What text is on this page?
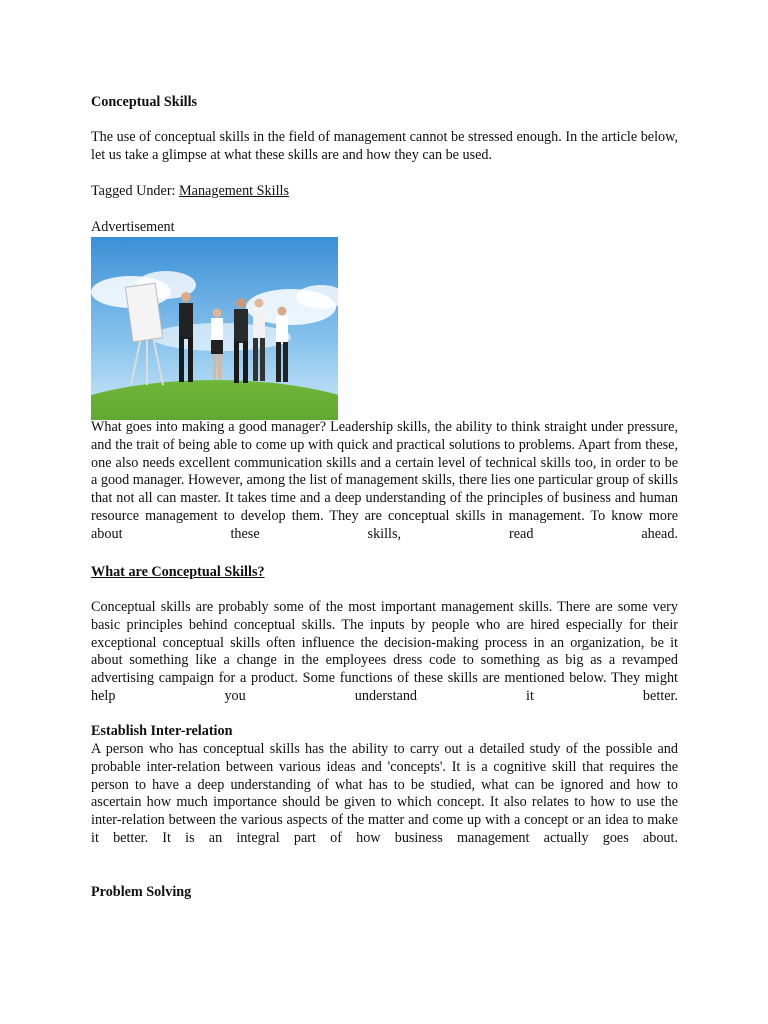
Conceptual Skills

The use of conceptual skills in the field of management cannot be stressed enough. In the article below, let us take a glimpse at what these skills are and how they can be used.

Tagged Under: Management Skills
Advertisement

What goes into making a good manager? Leadership skills, the ability to think straight under pressure, and the trait of being able to come up with quick and practical solutions to problems. Apart from these, one also needs excellent communication skills and a certain level of technical skills too, in order to be a good manager. However, among the list of management skills, there lies one particular group of skills that not all can master. It takes time and a deep understanding of the principles of business and human resource management to develop them. They are conceptual skills in management. To know more about these skills, read ahead.

What are Conceptual Skills?

Conceptual skills are probably some of the most important management skills. There are some very basic principles behind conceptual skills. The inputs by people who are hired especially for their exceptional conceptual skills often influence the decision-making process in an organization, be it about something like a change in the employees dress code to something as big as a revamped advertising campaign for a product. Some functions of these skills are mentioned below. They might help you understand it better.

Establish Inter-relation

A person who has conceptual skills has the ability to carry out a detailed study of the possible and probable inter-relation between various ideas and 'concepts'. It is a cognitive skill that requires the person to have a deep understanding of what has to be studied, what can be ignored and how to ascertain how much importance should be given to which concept. It also relates to how to use the inter-relation between the various aspects of the matter and come up with a concept or an idea to make it better. It is an integral part of how business management actually goes about.

Problem Solving
